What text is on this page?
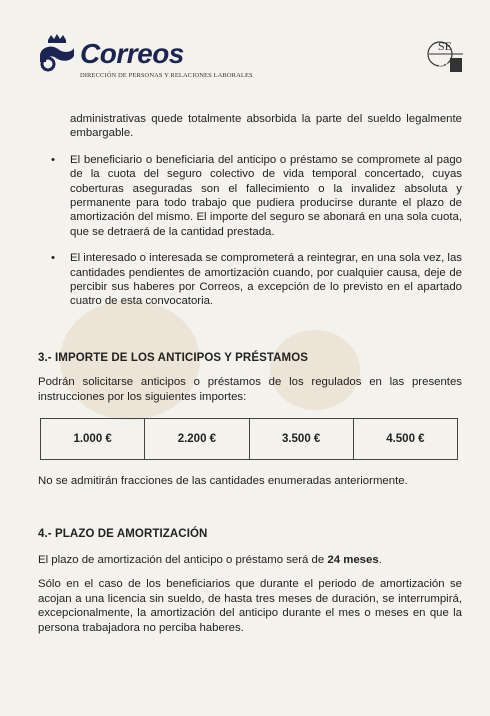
Correos
DIRECCIÓN DE PERSONAS Y RELACIONES LABORALES
SE
PI

administrativas quede totalmente absorbida la parte del sueldo legalmente embargable.

• El beneficiario o beneficiaria del anticipo o préstamo se compromete al pago de la cuota del seguro colectivo de vida temporal concertado, cuyas coberturas aseguradas son el fallecimiento o la invalidez absoluta y permanente para todo trabajo que pudiera producirse durante el plazo de amortización del mismo. El importe del seguro se abonará en una sola cuota, que se detraerá de la cantidad prestada.
• El interesado o interesada se comprometerá a reintegrar, en una sola vez, las cantidades pendientes de amortización cuando, por cualquier causa, deje de percibir sus haberes por Correos, a excepción de lo previsto en el apartado cuatro de esta convocatoria.
3.- IMPORTE DE LOS ANTICIPOS Y PRÉSTAMOS

Podrán solicitarse anticipos o préstamos de los regulados en las presentes instrucciones por los siguientes importes:

1.000 €	2.200 €	3.500 €	4.500 €

No se admitirán fracciones de las cantidades enumeradas anteriormente.

4.- PLAZO DE AMORTIZACIÓN

El plazo de amortización del anticipo o préstamo será de 24 meses.

Sólo en el caso de los beneficiarios que durante el periodo de amortización se acojan a una licencia sin sueldo, de hasta tres meses de duración, se interrumpirá, excepcionalmente, la amortización del anticipo durante el mes o meses en que la persona trabajadora no perciba haberes.
